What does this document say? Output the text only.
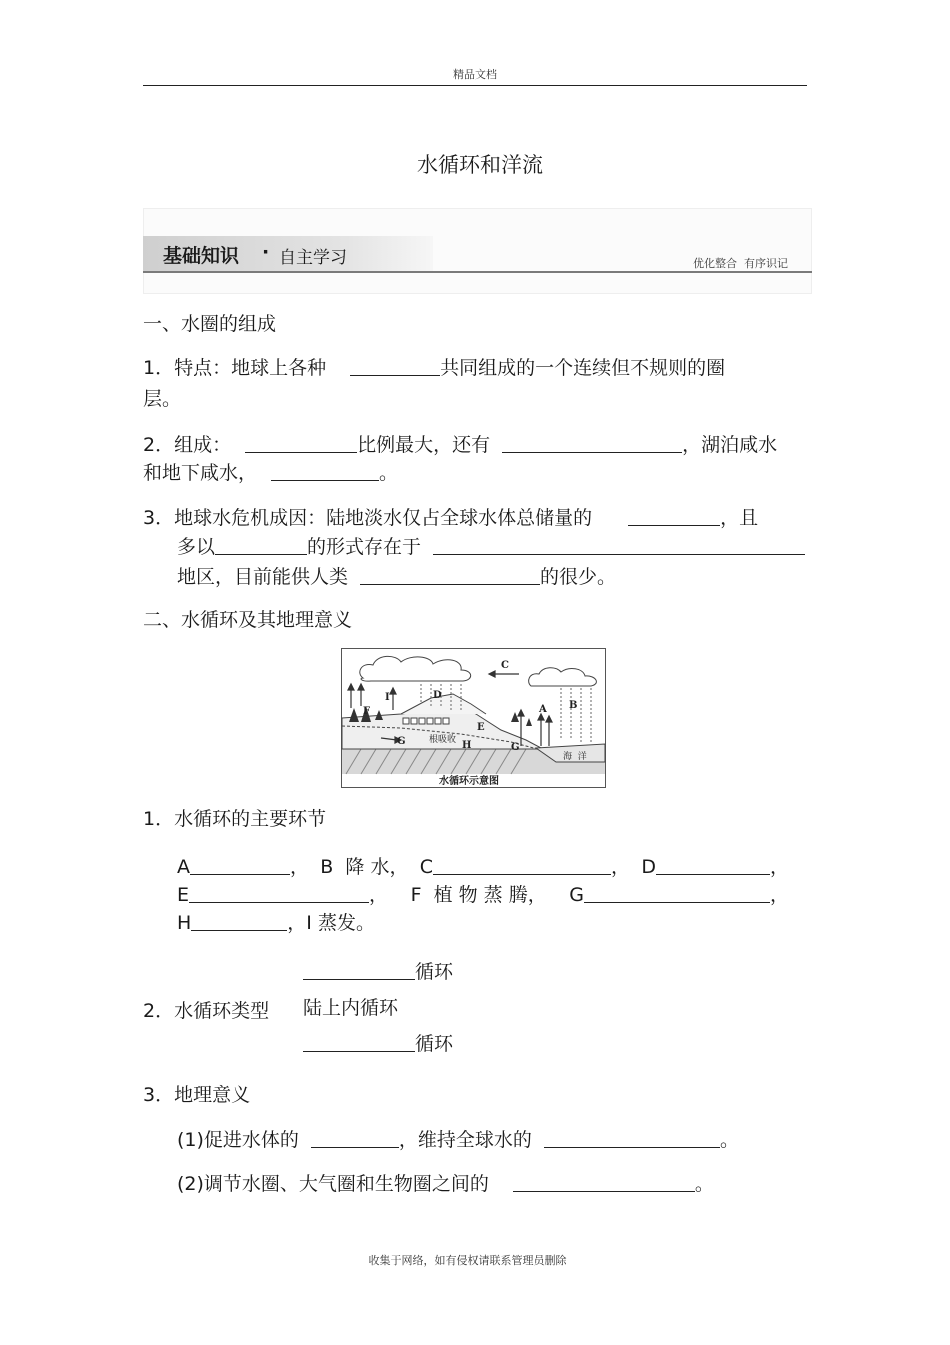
精品文档
水循环和洋流
基础知识 · 自主学习	优化整合  有序识记
一、水圈的组成
1．特点：地球上各种	共同组成的一个连续但不规则的圈
层。
2．组成：	比例最大，还有	，湖泊咸水
和地下咸水，	。
3．地球水危机成因：陆地淡水仅占全球水体总储量的	，且
多以	的形式存在于
地区，目前能供人类	的很少。
二、水循环及其地理意义
C
D
F
I
A B
E
G	H	G
根吸收
海  洋
水循环示意图
1．水循环的主要环节
A	， B  降 水， C	， D	，
E	， F  植 物 蒸 腾， G	，
H	，I 蒸发。
循环
2．水循环类型 陆上内循环
循环
3．地理意义
(1)促进水体的	，维持全球水的	。
(2)调节水圈、大气圈和生物圈之间的	。
收集于网络，如有侵权请联系管理员删除
